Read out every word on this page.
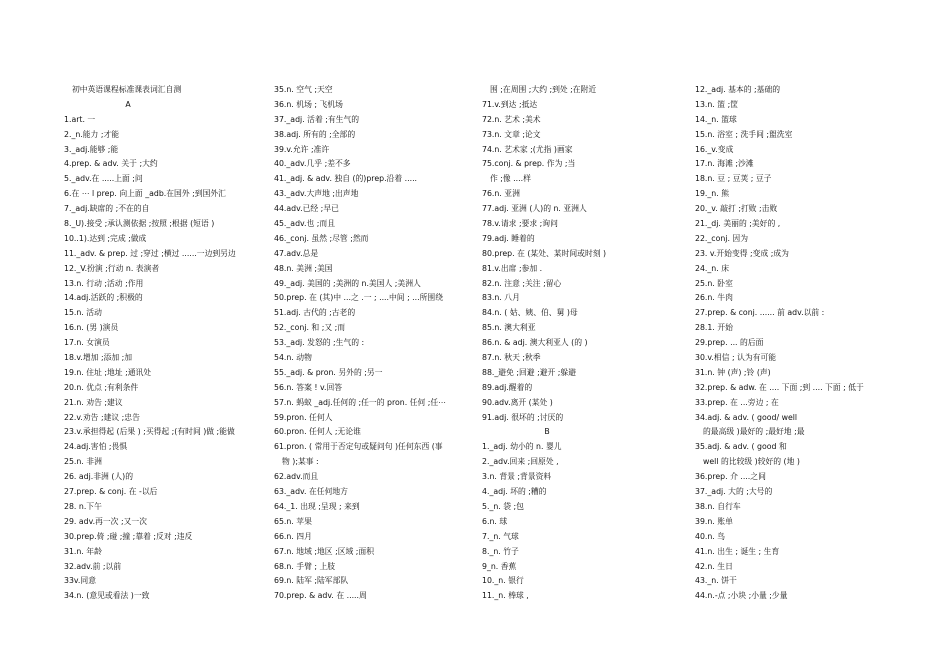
初中英语课程标准课表词汇自测
A
1.art. 一
2._n.能力 ;才能
3._adj.能够 ;能
4.prep. & adv. 关于 ;大约
5._adv.在 .....上面 ;问
6.在 ⋯ l prep. 向上面 _adb.在国外 ;到国外汇
7._adj.缺席的 ;不在的自
8._U).接受 ;承认测依据 ;按照 ;根据 (短语 )
10..1).达到 ;完成 ;做成
11._adv. & prep. 过 ;穿过 ;横过 ......一边到另边
12._V.扮演 ;行动 n. 表演者
13.n. 行动 ;活动 ;作用
14.adj.活跃的 ;积极的
15.n. 活动
16.n. (男 )演员
17.n. 女演员
18.v.增加 ;添加 ;加
19.n. 住址 ;地址 ;通讯处
20.n. 优点 ;有利条件
21.n. 劝告 ;建议
22.v.劝告 ;建议 ;忠告
23.v.承担得起 (后果 ) ;买得起 ;(有时间 )做 ;能做
24.adj.害怕 ;畏惧
25.n. 非洲
26. adj.非洲 (人)的
27.prep. & conj. 在 -以后
28. n.下午
29. adv.再一次 ;又一次
30.prep.倚 ;碰 ;撞 ;靠着 ;反对 ;违反
31.n. 年龄
32.adv.前 ;以前
33v.同意
34.n. (意见或看法 )一致
35.n. 空气 ;天空
36.n. 机场 ; 飞机场
37._adj. 活着 ;有生气的
38.adj. 所有的 ;全部的
39.v.允许 ;准许
40._adv.几乎 ;差不多
41._adj. & adv. 独自 (的)prep.沿着 .....
43._adv.大声地 ;出声地
44.adv.已经 ;早已
45._adv.也 ;而且
46._conj. 虽然 ;尽管 ;然而
47.adv.总是
48.n. 美洲 ;美国
49._adj. 美国的 ;美洲的 n.美国人 ;美洲人
50.prep. 在 (其)中 ...之 .一 ; ....中间 ; ...所围绕
51.adj. 古代的 ;古老的
52._conj. 和 ;又 ;而
53._adj. 发怒的 ;生气的 :
54.n. 动物
55._adj. & pron. 另外的 ;另一
56.n. 答案 ! v.回答
57.n. 蚂蚁 _adj.任何的 ;任一的 pron. 任何 ;任⋯
59.pron. 任何人
60.pron. 任何人 ;无论谁
61.pron. ( 常用于否定句或疑问句 )任何东西 (事
物 );某事 :
62.adv.而且
63._adv. 在任何地方
64._1. 出现 ;呈现 ; 来到
65.n. 苹果
66.n. 四月
67.n. 地域 ;地区 ;区域 ;面积
68.n. 手臂 ; 上肢
69.n. 陆军 ;陆军部队
70.prep. & adv. 在 .....周
围 ;在周围 ;大约 ;到处 ;在附近
71.v.到达 ;抵达
72.n. 艺术 ;美术
73.n. 文章 ;论文
74.n. 艺术家 ;(尤指 )画家
75.conj. & prep. 作为 ;当
作 ;像 ....样
76.n. 亚洲
77.adj. 亚洲 (人)的 n. 亚洲人
78.v.请求 ;要求 ;询问
79.adj. 睡着的
80.prep. 在 (某处、某时间或时刻 )
81.v.出席 ;参加 .
82.n. 注意 ;关注 ;留心
83.n. 八月
84.n. ( 姑、姨、伯、舅 )母
85.n. 澳大利亚
86.n. & adj. 澳大利亚人 (的 )
87.n. 秋天 ;秋季
88._避免 ;回避 ;避开 ;躲避
89.adj.醒着的
90.adv.离开 (某处 )
91.adj. 很坏的 ;讨厌的
B
1._adj. 幼小的 n. 婴儿
2._adv.回来 ;回原处 ,
3.n. 背景 ;背景资料
4._adj. 坏的 ;糟的
5._n. 袋 ;包
6.n. 球
7._n. 气球
8._n. 竹子
9_n. 香蕉
10._n. 银行
11._n. 棒球 ,
12._adj. 基本的 ;基础的
13.n. 篮 ;筐
14._n. 篮球
15.n. 浴室 ; 洗手间 ;盥洗室
16._v.变成
17.n. 海滩 ;沙滩
18.n. 豆 ; 豆荚 ; 豆子
19._n. 熊
20._v. 敲打 ;打败 ;击败
21._dj. 美丽的 ;美好的 ,
22._conj. 因为
23. v.开始变得 ;变成 ;成为
24._n. 床
25.n. 卧室
26.n. 牛肉
27.prep. & conj. ...... 前 adv.以前 :
28.1. 开始
29.prep. ... 的后面
30.v.相信 ; 认为有可能
31.n. 钟 (声) ;铃 (声)
32.prep. & adw. 在 .... 下面 ;到 .... 下面 ; 低于
33.prep. 在 ...旁边 ; 在
34.adj. & adv. ( good/ well
的最高级 )最好的 ;最好地 ;最
35.adj. & adv. ( good 和
well 的比较级 )较好的 (地 )
36.prep. 介 ....之间
37._adj. 大的 ;大号的
38.n. 自行车
39.n. 账单
40.n. 鸟
41.n. 出生 ; 诞生 ; 生育
42.n. 生日
43._n. 饼干
44.n.-点 ;小块 ;小量 ;少量
